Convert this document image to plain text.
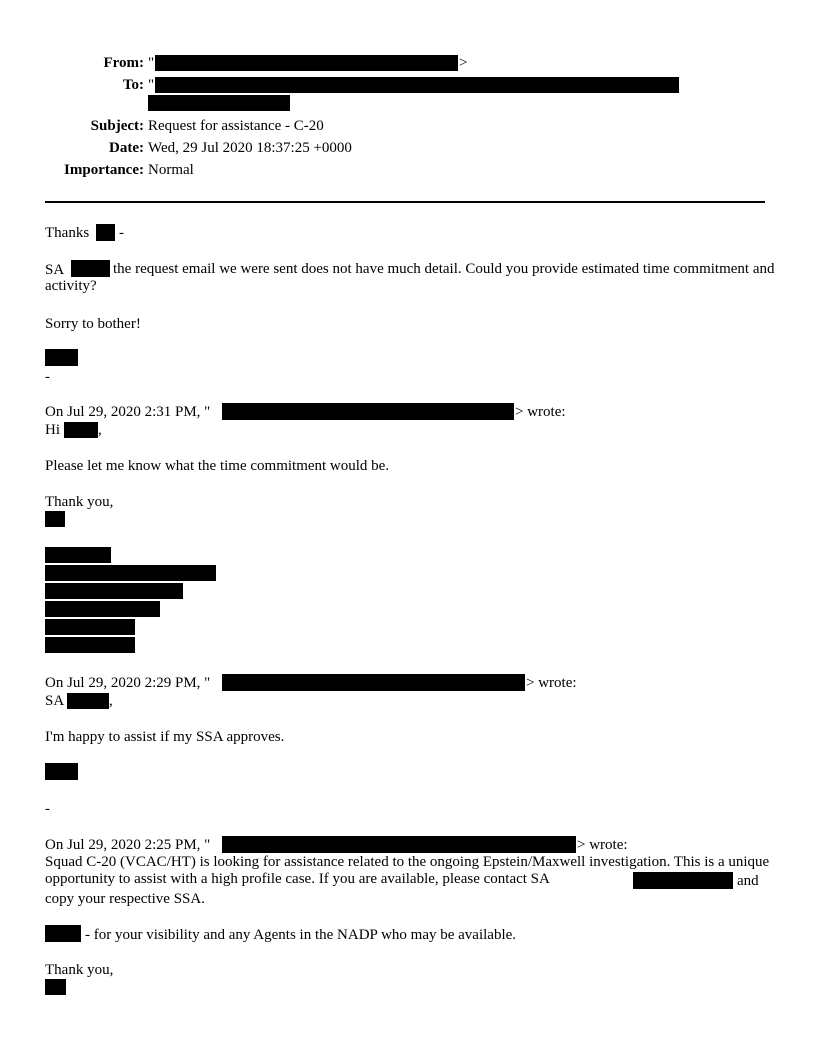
From: "	>
To: "
Subject: Request for assistance - C-20
Date: Wed, 29 Jul 2020 18:37:25 +0000
Importance: Normal
Thanks -
SA	the request email we were sent does not have much detail. Could you provide estimated time commitment and activity?
Sorry to bother!
-
On Jul 29, 2020 2:31 PM, "	> wrote:
Hi	,
Please let me know what the time commitment would be.
Thank you,
On Jul 29, 2020 2:29 PM, "	> wrote:
SA	,
I'm happy to assist if my SSA approves.
-
On Jul 29, 2020 2:25 PM, "	> wrote:
Squad C-20 (VCAC/HT) is looking for assistance related to the ongoing Epstein/Maxwell investigation. This is a unique opportunity to assist with a high profile case. If you are available, please contact SA	and
copy your respective SSA.
- for your visibility and any Agents in the NADP who may be available.
Thank you,
